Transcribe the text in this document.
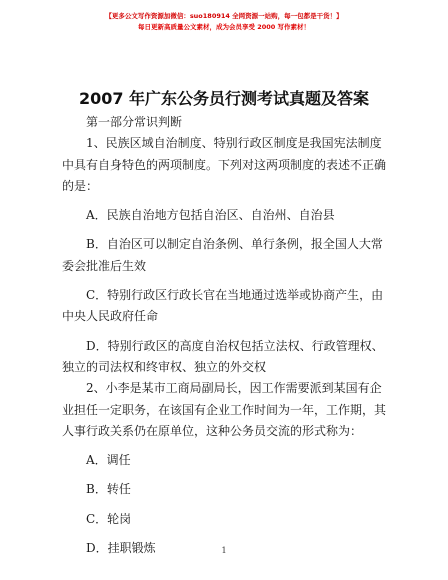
【更多公文写作资源加微信：suo180914 全网资源一站购，每一包都是干货！】
每日更新高质量公文素材，成为会员享受 2000 写作素材！
2007 年广东公务员行测考试真题及答案
第一部分常识判断
1、民族区域自治制度、特别行政区制度是我国宪法制度
中具有自身特色的两项制度。下列对这两项制度的表述不正确
的是：
A．民族自治地方包括自治区、自治州、自治县
B．自治区可以制定自治条例、单行条例，报全国人大常
委会批准后生效
C．特别行政区行政长官在当地通过选举或协商产生，由
中央人民政府任命
D．特别行政区的高度自治权包括立法权、行政管理权、
独立的司法权和终审权、独立的外交权
2、小李是某市工商局副局长，因工作需要派到某国有企
业担任一定职务，在该国有企业工作时间为一年，工作期，其
人事行政关系仍在原单位，这种公务员交流的形式称为：
A．调任
B．转任
C．轮岗
D．挂职锻炼	1
